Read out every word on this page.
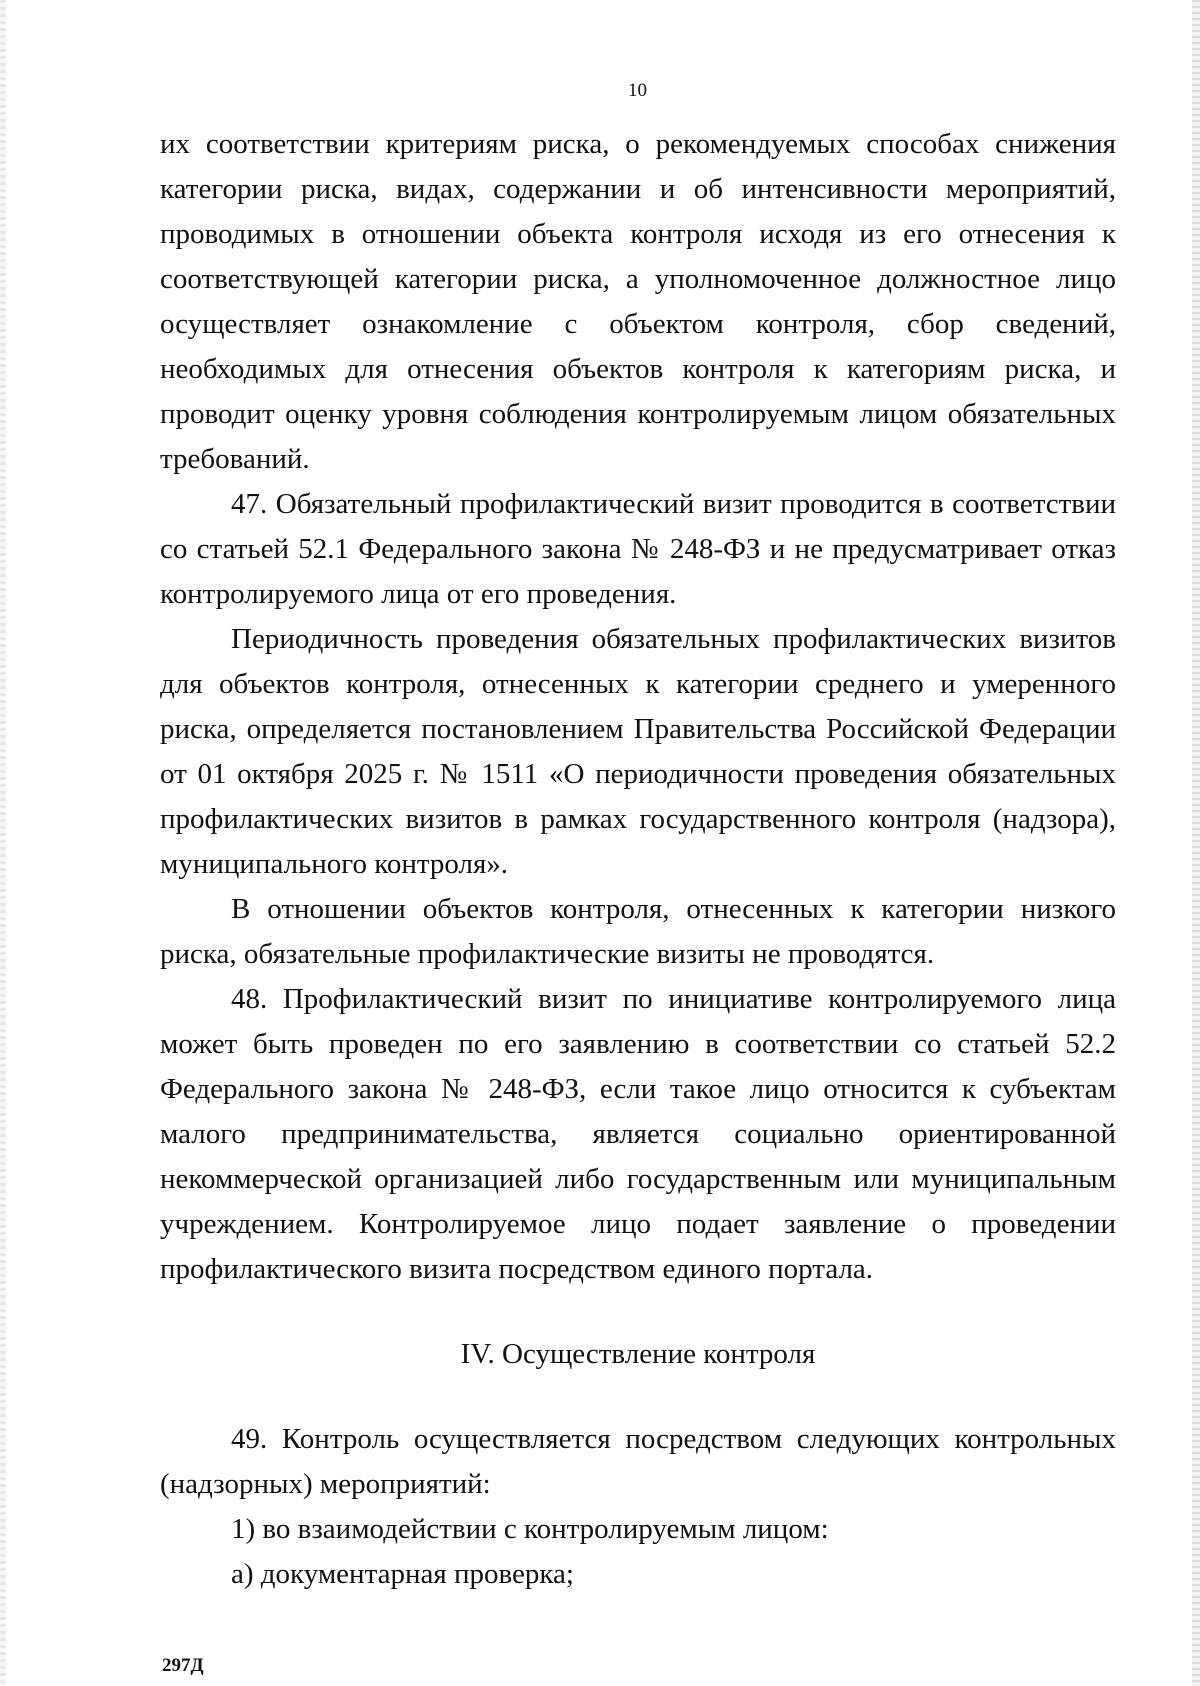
10

их соответствии критериям риска, о рекомендуемых способах снижения категории риска, видах, содержании и об интенсивности мероприятий, проводимых в отношении объекта контроля исходя из его отнесения к соответствующей категории риска, а уполномоченное должностное лицо осуществляет ознакомление с объектом контроля, сбор сведений, необходимых для отнесения объектов контроля к категориям риска, и проводит оценку уровня соблюдения контролируемым лицом обязательных требований.

47. Обязательный профилактический визит проводится в соответствии со статьей 52.1 Федерального закона № 248-ФЗ и не предусматривает отказ контролируемого лица от его проведения.

Периодичность проведения обязательных профилактических визитов для объектов контроля, отнесенных к категории среднего и умеренного риска, определяется постановлением Правительства Российской Федерации от 01 октября 2025 г. № 1511 «О периодичности проведения обязательных профилактических визитов в рамках государственного контроля (надзора), муниципального контроля».

В отношении объектов контроля, отнесенных к категории низкого риска, обязательные профилактические визиты не проводятся.

48. Профилактический визит по инициативе контролируемого лица может быть проведен по его заявлению в соответствии со статьей 52.2 Федерального закона № 248-ФЗ, если такое лицо относится к субъектам малого предпринимательства, является социально ориентированной некоммерческой организацией либо государственным или муниципальным учреждением. Контролируемое лицо подает заявление о проведении профилактического визита посредством единого портала.

IV. Осуществление контроля

49. Контроль осуществляется посредством следующих контрольных (надзорных) мероприятий:

1) во взаимодействии с контролируемым лицом:

а) документарная проверка;

297Д
